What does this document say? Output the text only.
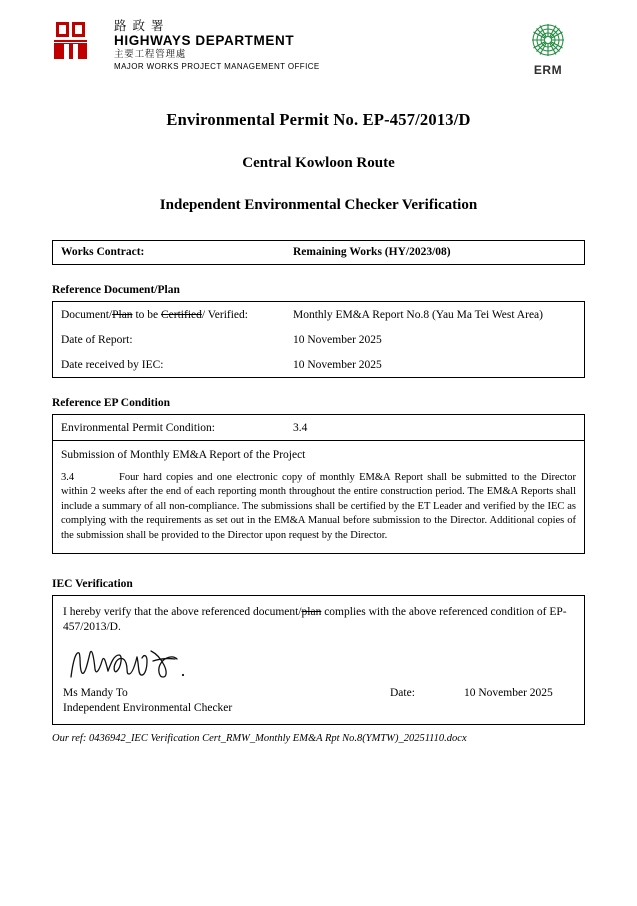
路 政 署
HIGHWAYS DEPARTMENT
主要工程管理處
MAJOR WORKS PROJECT MANAGEMENT OFFICE	ERM
Environmental Permit No. EP-457/2013/D
Central Kowloon Route
Independent Environmental Checker Verification
Works Contract:	Remaining Works (HY/2023/08)
Reference Document/Plan
Document/Plan to be Certified/ Verified:	Monthly EM&A Report No.8 (Yau Ma Tei West Area)
Date of Report:	10 November 2025
Date received by IEC:	10 November 2025
Reference EP Condition
Environmental Permit Condition:	3.4
Submission of Monthly EM&A Report of the Project
3.4	Four hard copies and one electronic copy of monthly EM&A Report shall be submitted to the Director within 2 weeks after the end of each reporting month throughout the entire construction period. The EM&A Reports shall include a summary of all non-compliance. The submissions shall be certified by the ET Leader and verified by the IEC as complying with the requirements as set out in the EM&A Manual before submission to the Director. Additional copies of the submission shall be provided to the Director upon request by the Director.
IEC Verification
I hereby verify that the above referenced document/plan complies with the above referenced condition of EP-457/2013/D.
Ms Mandy To	Date:	10 November 2025
Independent Environmental Checker
Our ref: 0436942_IEC Verification Cert_RMW_Monthly EM&A Rpt No.8(YMTW)_20251110.docx
